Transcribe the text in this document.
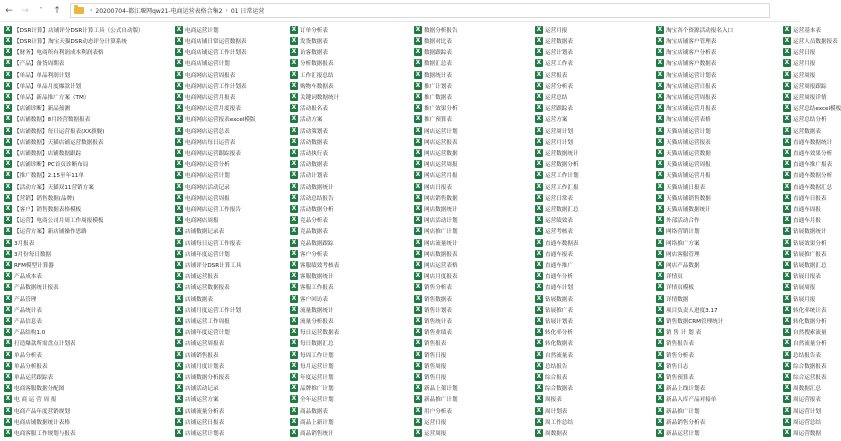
← → ˅ ↑	› 20200704-都江堰网qw21-电商运营表格合集2 › 01 日常运营
X 【DSR计算】店铺评分DSR计算工具（公式自动版）
X 【DSR计算】淘宝天猫DSR动态评分计算系统
X 【财务】电商所有利润成本利润表格
X 【产品】备货周期表
X 【单品】单品利润计划
X 【单品】单品月度爆款计划
X 【单品】新品推广方案（TM）
X 【店铺诊断】新品预测
X 【店铺数据】8月经营数据报表
X 【店铺数据】每日运营报表(XX旗舰)
X 【店铺数据】天猫店铺运营数据报表
X 【店铺数据】店铺数据跟踪
X 【店铺诊断】PC首页诊断布局
X 【推广数据】2.15至年11单
X 【活动方案】天猫双11营销方案
X 【营销】销售数据(品牌)
X 【客户】销售数据表格模板
X 【运营】电商公司月周工作周报模板
X 【运营方案】新店铺操作思路
X 3月报表
X 3月份每日数据
X RFM模型计算器
X 产品成本表
X 产品数据统计报表
X 产品管理
X 产品统计表
X 产品信息表
X 产品结构1.0
X 打造爆款所需盘点计划表
X 单品分析表
X 单品分析报表
X 单品运营跟踪表
X 电商客服数据分配图
X 电 商 运 营 周 报
X 电商产品年度营销规划
X 电商店铺数据统计表格
X 电商客服工作规划与报表
X 电商运营计划
X 电商店铺日常运营数据表
X 电商店铺运营工作计划表
X 电商店铺运营计划
X 电商网店运营周报表
X 电商网店运营工作计划表
X 电商网店运营月报表
X 电商网店运营月度报表
X 电商网店运营报表excel模版
X 电商网店运营总表
X 电商网店每日运营表
X 电商网店运营跟踪报表
X 电商网店运营分析
X 电商网店运营计划
X 电商网店活动记录
X 电商网店运营周报
X 电商网店运营工作报告
X 电商网店周报
X 店铺数据记录表
X 店铺每日运营工作报表
X 店铺年度运营计划
X 店铺评分DSR计算工具
X 店铺运营报表
X 店铺运营数据报表
X 店铺数据表
X 店铺月度运营工作计划
X 店铺运营工作周报
X 店铺年度运营计划
X 店铺运营周报表
X 店铺销售报表
X 店铺月度计划表
X 店铺数据分析报表
X 店铺活动记录
X 店铺运营方案
X 店铺流量分析表
X 店铺运营日报表
X 店铺运营计划表
X 订单分析表
X 发货数据表
X 访客数据表
X 分析数据报表
X 工作汇报总结
X 购物车数据表
X 关键词数据统计
X 活动报名表
X 活动方案
X 活动策划表
X 活动数据表
X 活动执行表
X 活动数据表
X 活动计划表
X 活动数据统计
X 活动总结报告
X 活动数据分析
X 竞品分析表
X 竞品数据表
X 竞品数据跟踪
X 客户分析表
X 客服绩效考核表
X 客服数据统计
X 客服工作报表
X 客户回访表
X 流量数据统计
X 流量分析报表
X 每日运营数据表
X 每日数据汇总
X 每周工作计划
X 每月运营计划
X 年度运营计划
X 品牌推广计划
X 全年运营计划
X 商品数据表
X 商品上新计划
X 商品销售统计
X 数据分析报告
X 数据对比表
X 数据跟踪表
X 数据汇总表
X 数据统计表
X 推广计划表
X 推广数据表
X 推广效果分析
X 推广预算表
X 网店运营计划
X 网店运营报表
X 网店运营数据
X 网店运营周报
X 网店运营月报
X 网店日报表
X 网店销售数据
X 网店数据统计
X 网店活动计划
X 网店推广计划
X 网店流量统计
X 网店数据报表
X 网店运营表格
X 网店月度报表
X 销售分析表
X 销售数据表
X 销售计划表
X 销售统计表
X 销售业绩表
X 销售报表
X 销售日报
X 销售周报
X 销售月报
X 新品上架计划
X 新品推广计划
X 用户分析表
X 运营日报
X 运营周报
X 运营月报
X 运营数据表
X 运营计划表
X 运营工作表
X 运营报表
X 运营分析表
X 运营总结
X 运营跟踪表
X 运营方案
X 运营周计划
X 运营月计划
X 运营数据统计
X 运营数据分析
X 运营工作计划
X 运营工作汇报
X 运营日常表
X 运营数据汇总
X 运营绩效表
X 运营考核表
X 直通车数据表
X 直通车报表
X 直通车推广
X 直通车分析
X 直通车计划
X 钻展数据表
X 钻展推广表
X 钻展计划表
X 转化率分析
X 转化数据表
X 自然流量表
X 总结报告
X 综合报表
X 综合数据表
X 周报表
X 周计划表
X 周工作总结
X 周数据表
X 淘宝各个资源活动报名入口
X 淘宝店铺客户管理表
X 淘宝店铺客户分析表
X 淘宝店铺客户数据表
X 淘宝店铺运营计划表
X 淘宝店铺运营日报表
X 淘宝店铺运营周报表
X 淘宝店铺运营月报表
X 淘宝店铺运营表格
X 天猫店铺运营计划
X 天猫店铺运营报表
X 天猫店铺运营数据
X 天猫店铺运营周报
X 天猫店铺运营月报
X 天猫店铺日报表
X 天猫店铺销售数据
X 天猫店铺数据统计
X 外部活动合作
X 网络营销计划
X 网络推广方案
X 网店客服管理
X 网店产品数据
X 详情页
X 详情页模板
X 详情数据
X 项目负责人进度3.17
X 销售数据CRM管理统计
X 销 售 计 划 表
X 销售报告表
X 销售分析表
X 销售日志
X 销售预算表
X 新品上线计划表
X 新品入库产品对接单
X 新品推广计划
X 新品销售分析表
X 新品运营计划
X 运营基本表
X 运营人员数据报表
X 运营日报
X 运营月报
X 运营周报
X 运营周报跟踪
X 运营周报详情
X 运营总结excel模板
X 运营总结分析
X 运营数据表
X 直通车数据统计
X 直通车效果分析
X 直通车推广报表
X 直通车数据分析
X 直通车数据汇总
X 直通车日报表
X 直通车周报
X 直通车月报
X 钻展数据统计
X 钻展效果分析
X 钻展推广报表
X 钻展数据汇总
X 钻展日报表
X 钻展周报
X 钻展月报
X 转化率统计表
X 转化数据分析
X 自然搜索流量
X 自然流量分析
X 总结报告表
X 综合数据报表
X 综合运营报表
X 周数据汇总
X 周运营报表
X 周运营计划
X 周运营总结
X 周运营数据
